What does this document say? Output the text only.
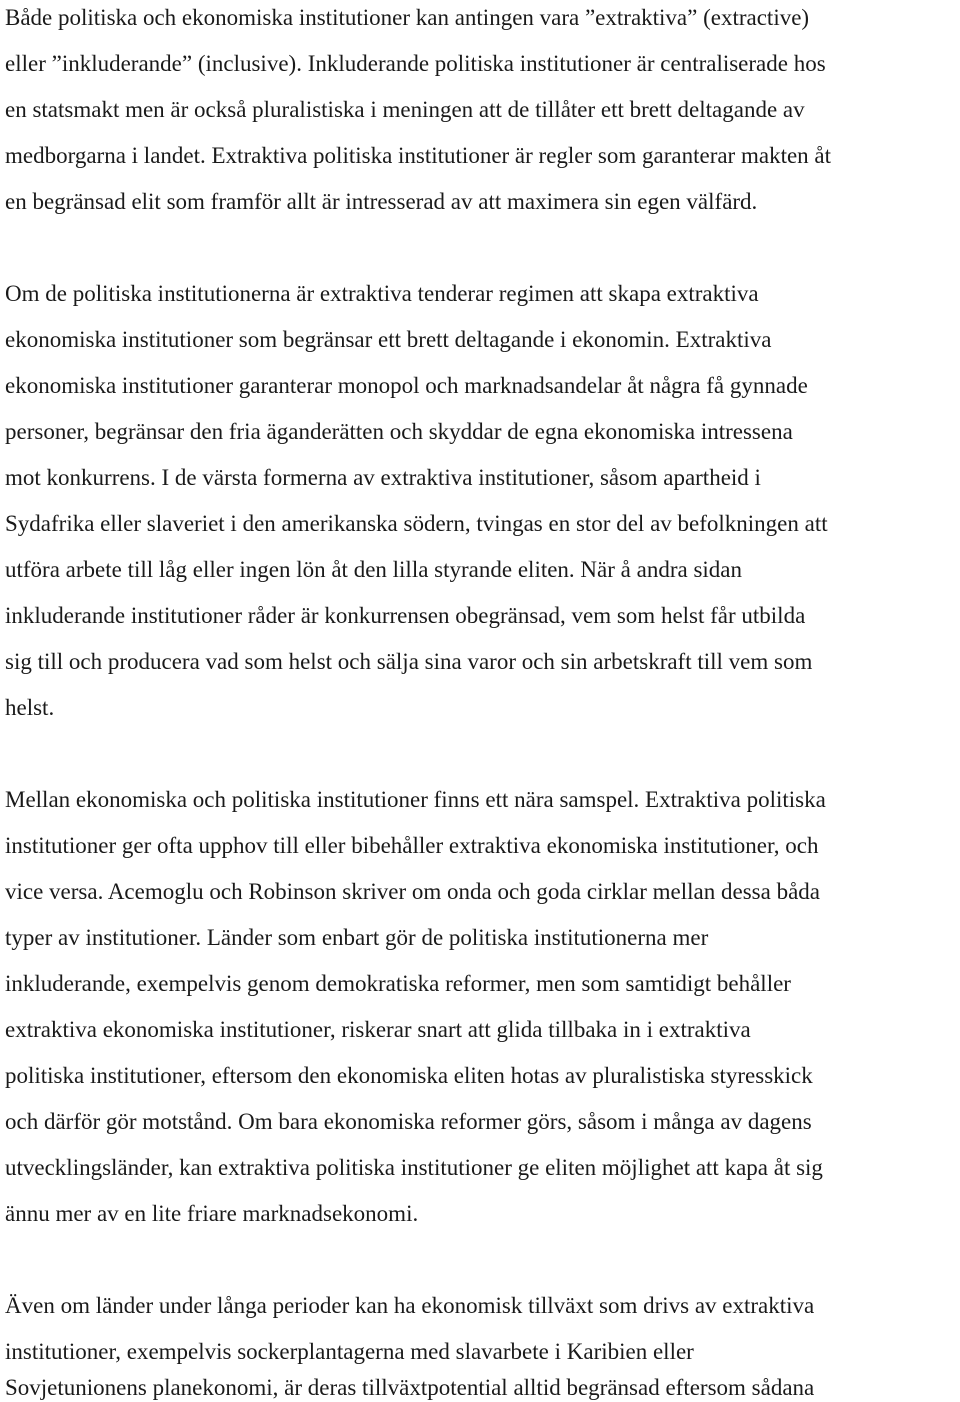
Både politiska och ekonomiska institutioner kan antingen vara ”extraktiva” (extractive)

eller ”inkluderande” (inclusive). Inkluderande politiska institutioner är centraliserade hos

en statsmakt men är också pluralistiska i meningen att de tillåter ett brett deltagande av

medborgarna i landet. Extraktiva politiska institutioner är regler som garanterar makten åt

en begränsad elit som framför allt är intresserad av att maximera sin egen välfärd.

Om de politiska institutionerna är extraktiva tenderar regimen att skapa extraktiva

ekonomiska institutioner som begränsar ett brett deltagande i ekonomin. Extraktiva

ekonomiska institutioner garanterar monopol och marknadsandelar åt några få gynnade

personer, begränsar den fria äganderätten och skyddar de egna ekonomiska intressena

mot konkurrens. I de värsta formerna av extraktiva institutioner, såsom apartheid i

Sydafrika eller slaveriet i den amerikanska södern, tvingas en stor del av befolkningen att

utföra arbete till låg eller ingen lön åt den lilla styrande eliten. När å andra sidan

inkluderande institutioner råder är konkurrensen obegränsad, vem som helst får utbilda

sig till och producera vad som helst och sälja sina varor och sin arbetskraft till vem som

helst.

Mellan ekonomiska och politiska institutioner finns ett nära samspel. Extraktiva politiska

institutioner ger ofta upphov till eller bibehåller extraktiva ekonomiska institutioner, och

vice versa. Acemoglu och Robinson skriver om onda och goda cirklar mellan dessa båda

typer av institutioner. Länder som enbart gör de politiska institutionerna mer

inkluderande, exempelvis genom demokratiska reformer, men som samtidigt behåller

extraktiva ekonomiska institutioner, riskerar snart att glida tillbaka in i extraktiva

politiska institutioner, eftersom den ekonomiska eliten hotas av pluralistiska styresskick

och därför gör motstånd. Om bara ekonomiska reformer görs, såsom i många av dagens

utvecklingsländer, kan extraktiva politiska institutioner ge eliten möjlighet att kapa åt sig

ännu mer av en lite friare marknadsekonomi.

Även om länder under långa perioder kan ha ekonomisk tillväxt som drivs av extraktiva

institutioner, exempelvis sockerplantagerna med slavarbete i Karibien eller

Sovjetunionens planekonomi, är deras tillväxtpotential alltid begränsad eftersom sådana
